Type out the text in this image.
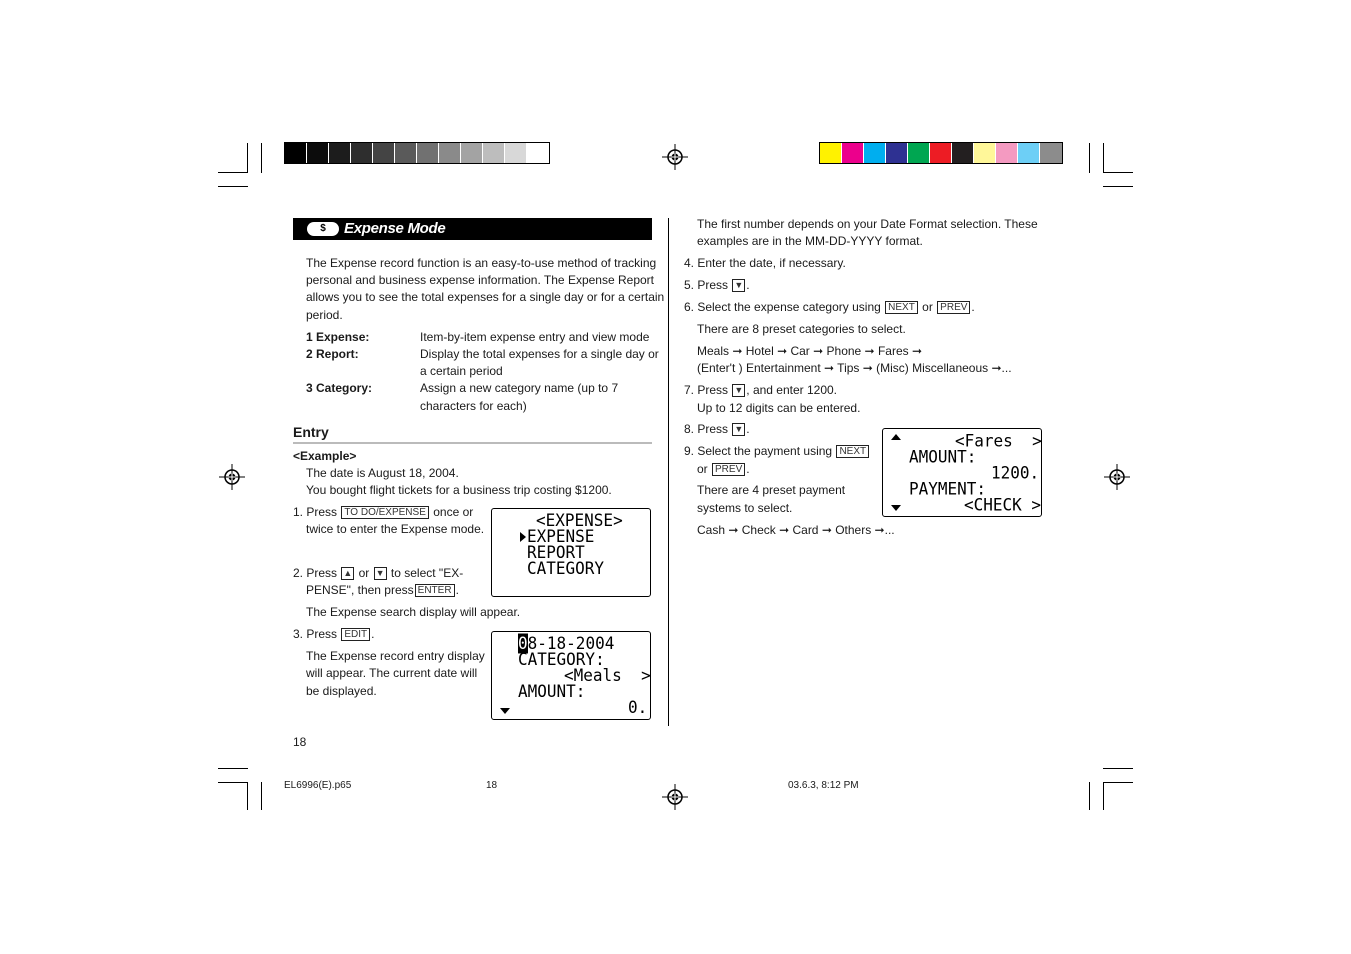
$	Expense Mode
The Expense record function is an easy-to-use method of tracking
personal and business expense information. The Expense Report
allows you to see the total expenses for a single day or for a certain
period.
1 Expense:	Item-by-item expense entry and view mode
2 Report:	Display the total expenses for a single day or
a certain period
3 Category:	Assign a new category name (up to 7
characters for each)
Entry
<Example>
The date is August 18, 2004.
You bought flight tickets for a business trip costing $1200.
1. Press TO DO/EXPENSE once or
twice to enter the Expense mode.
2. Press ▲ or ▼ to select "EX-
PENSE", then press ENTER .
The Expense search display will appear.
3. Press EDIT .
The Expense record entry display
will appear. The current date will
be displayed.
<EXPENSE>
EXPENSE
REPORT
CATEGORY
08-18-2004
CATEGORY:
<Meals  >
AMOUNT:
0.
18
The first number depends on your Date Format selection. These
examples are in the MM-DD-YYYY format.
4. Enter the date, if necessary.
5. Press ▼ .
6. Select the expense category using NEXT or PREV .
There are 8 preset categories to select.
Meals ➞ Hotel ➞ Car ➞ Phone ➞ Fares ➞
(Enter't ) Entertainment ➞ Tips ➞ (Misc) Miscellaneous ➞...
7. Press ▼ , and enter 1200.
Up to 12 digits can be entered.
8. Press ▼ .
9. Select the payment using NEXT
or PREV .
There are 4 preset payment
systems to select.
Cash ➞ Check ➞ Card ➞ Others ➞...
<Fares  >
AMOUNT:
1200.
PAYMENT:
<CHECK >
EL6996(E).p65	18	03.6.3, 8:12 PM
